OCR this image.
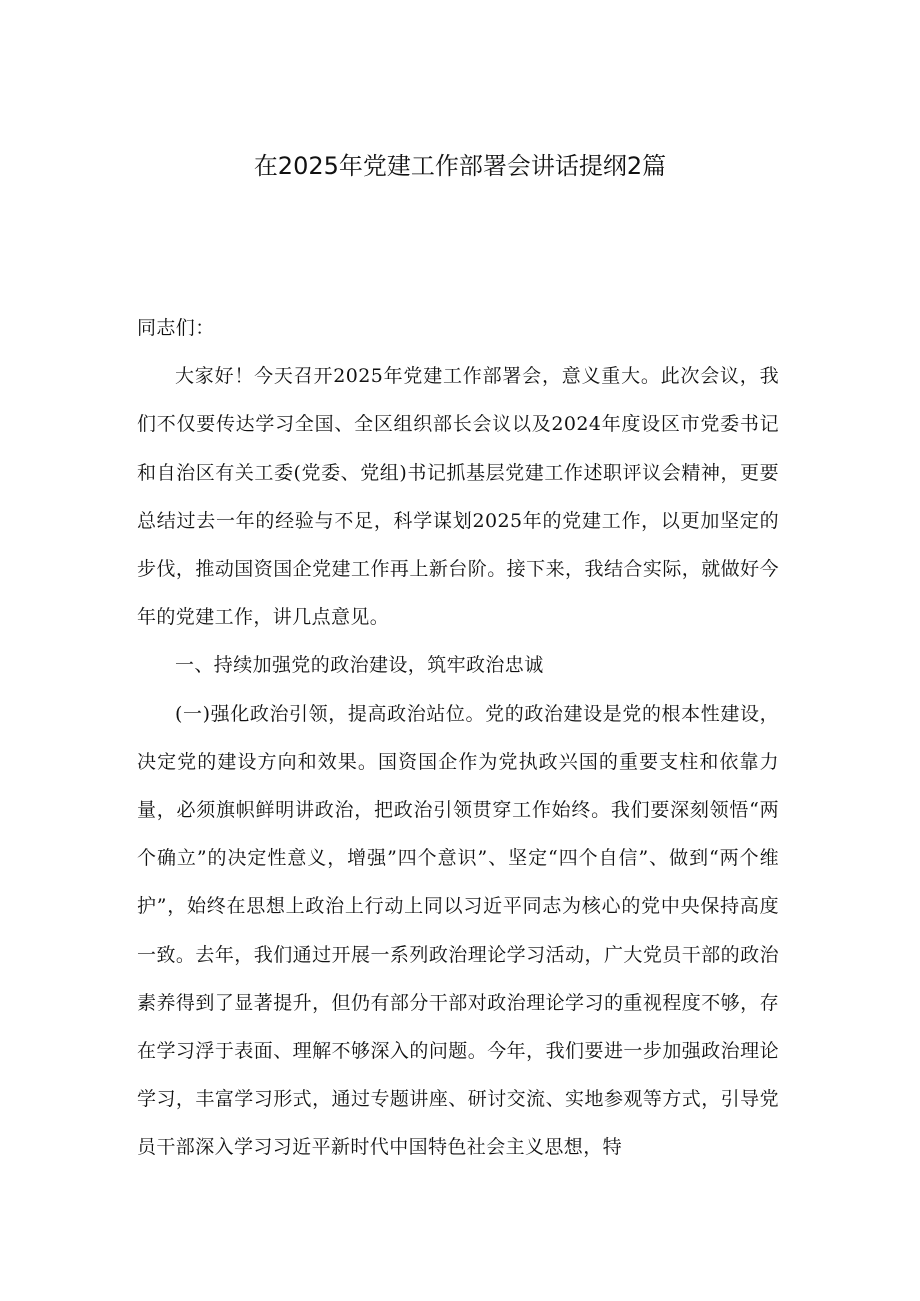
在2025年党建工作部署会讲话提纲2篇

同志们：

大家好！今天召开2025年党建工作部署会，意义重大。此次会议，我们不仅要传达学习全国、全区组织部长会议以及2024年度设区市党委书记和自治区有关工委(党委、党组)书记抓基层党建工作述职评议会精神，更要总结过去一年的经验与不足，科学谋划2025年的党建工作，以更加坚定的步伐，推动国资国企党建工作再上新台阶。接下来，我结合实际，就做好今年的党建工作，讲几点意见。

一、持续加强党的政治建设，筑牢政治忠诚

(一)强化政治引领，提高政治站位。党的政治建设是党的根本性建设，决定党的建设方向和效果。国资国企作为党执政兴国的重要支柱和依靠力量，必须旗帜鲜明讲政治，把政治引领贯穿工作始终。我们要深刻领悟“两个确立”的决定性意义，增强”四个意识”、坚定“四个自信”、做到“两个维护”，始终在思想上政治上行动上同以习近平同志为核心的党中央保持高度一致。去年，我们通过开展一系列政治理论学习活动，广大党员干部的政治素养得到了显著提升，但仍有部分干部对政治理论学习的重视程度不够，存在学习浮于表面、理解不够深入的问题。今年，我们要进一步加强政治理论学习，丰富学习形式，通过专题讲座、研讨交流、实地参观等方式，引导党员干部深入学习习近平新时代中国特色社会主义思想，特
